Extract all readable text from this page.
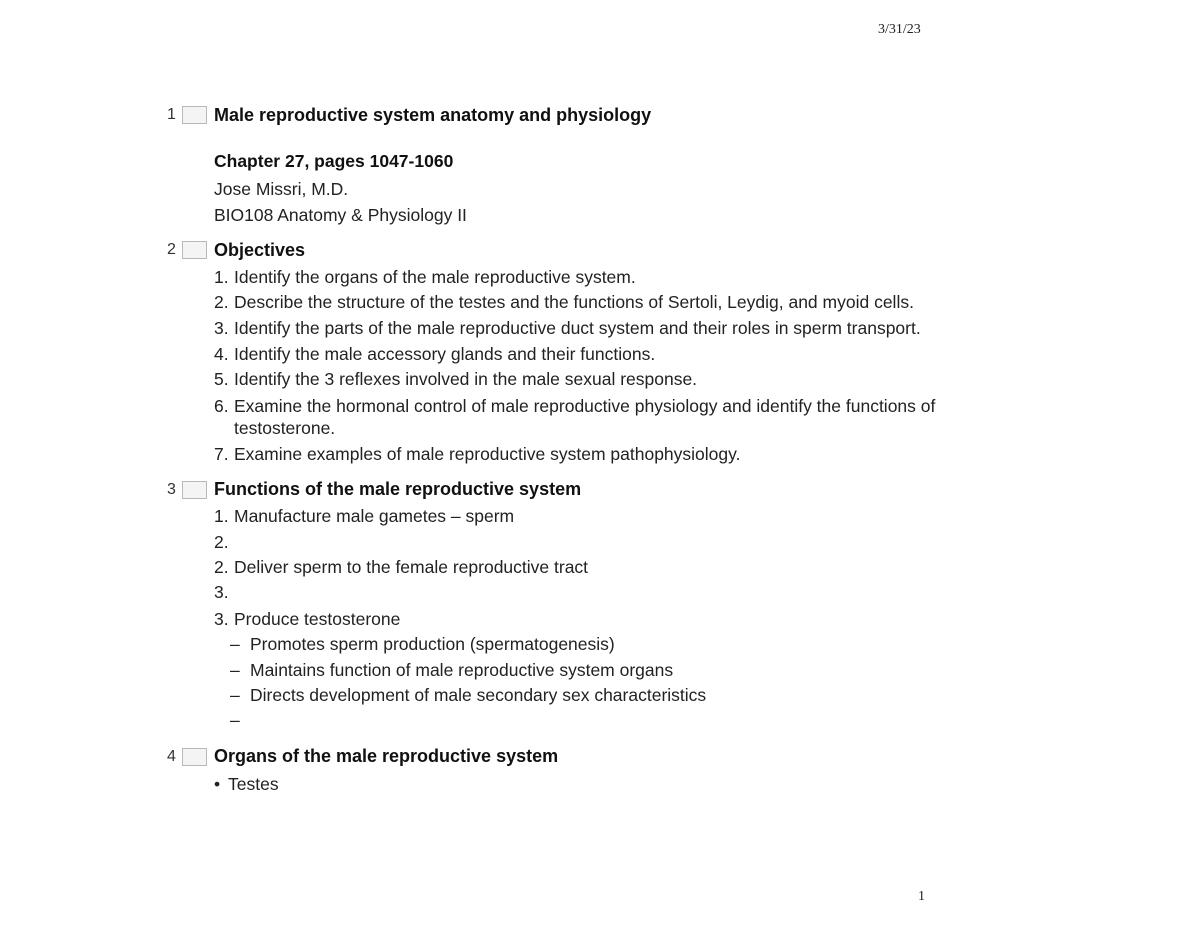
3/31/23
1 Male reproductive system anatomy and physiology
Chapter 27, pages 1047-1060
Jose Missri, M.D.
BIO108 Anatomy & Physiology II
2 Objectives
1. Identify the organs of the male reproductive system.
2. Describe the structure of the testes and the functions of Sertoli, Leydig, and myoid cells.
3. Identify the parts of the male reproductive duct system and their roles in sperm transport.
4. Identify the male accessory glands and their functions.
5. Identify the 3 reflexes involved in the male sexual response.
6. Examine the hormonal control of male reproductive physiology and identify the functions of
testosterone.
7. Examine examples of male reproductive system pathophysiology.
3 Functions of the male reproductive system
1. Manufacture male gametes – sperm
2.
2. Deliver sperm to the female reproductive tract
3.
3. Produce testosterone
– Promotes sperm production (spermatogenesis)
– Maintains function of male reproductive system organs
– Directs development of male secondary sex characteristics
–
4 Organs of the male reproductive system
• Testes
1
